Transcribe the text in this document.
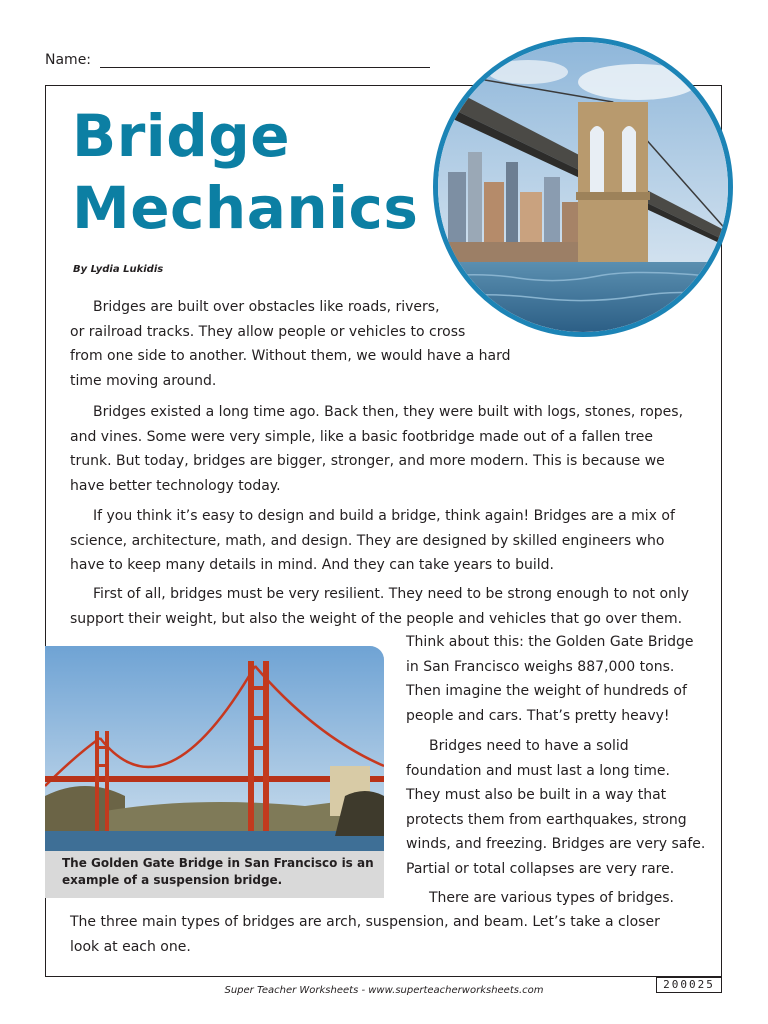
Name:
Bridge
Mechanics
By Lydia Lukidis

Bridges are built over obstacles like roads, rivers,
or railroad tracks. They allow people or vehicles to cross
from one side to another. Without them, we would have a hard
time moving around.

Bridges existed a long time ago. Back then, they were built with logs, stones, ropes,
and vines. Some were very simple, like a basic footbridge made out of a fallen tree
trunk. But today, bridges are bigger, stronger, and more modern. This is because we
have better technology today.

If you think it’s easy to design and build a bridge, think again! Bridges are a mix of
science, architecture, math, and design. They are designed by skilled engineers who
have to keep many details in mind. And they can take years to build.

First of all, bridges must be very resilient. They need to be strong enough to not only
support their weight, but also the weight of the people and vehicles that go over them.

The Golden Gate Bridge in San Francisco is an example of a suspension bridge.

Think about this: the Golden Gate Bridge
in San Francisco weighs 887,000 tons.
Then imagine the weight of hundreds of
people and cars. That’s pretty heavy!

Bridges need to have a solid
foundation and must last a long time.
They must also be built in a way that
protects them from earthquakes, strong
winds, and freezing. Bridges are very safe.
Partial or total collapses are very rare.

There are various types of bridges.

The three main types of bridges are arch, suspension, and beam. Let’s take a closer
look at each one.

Super Teacher Worksheets - www.superteacherworksheets.com	200025
